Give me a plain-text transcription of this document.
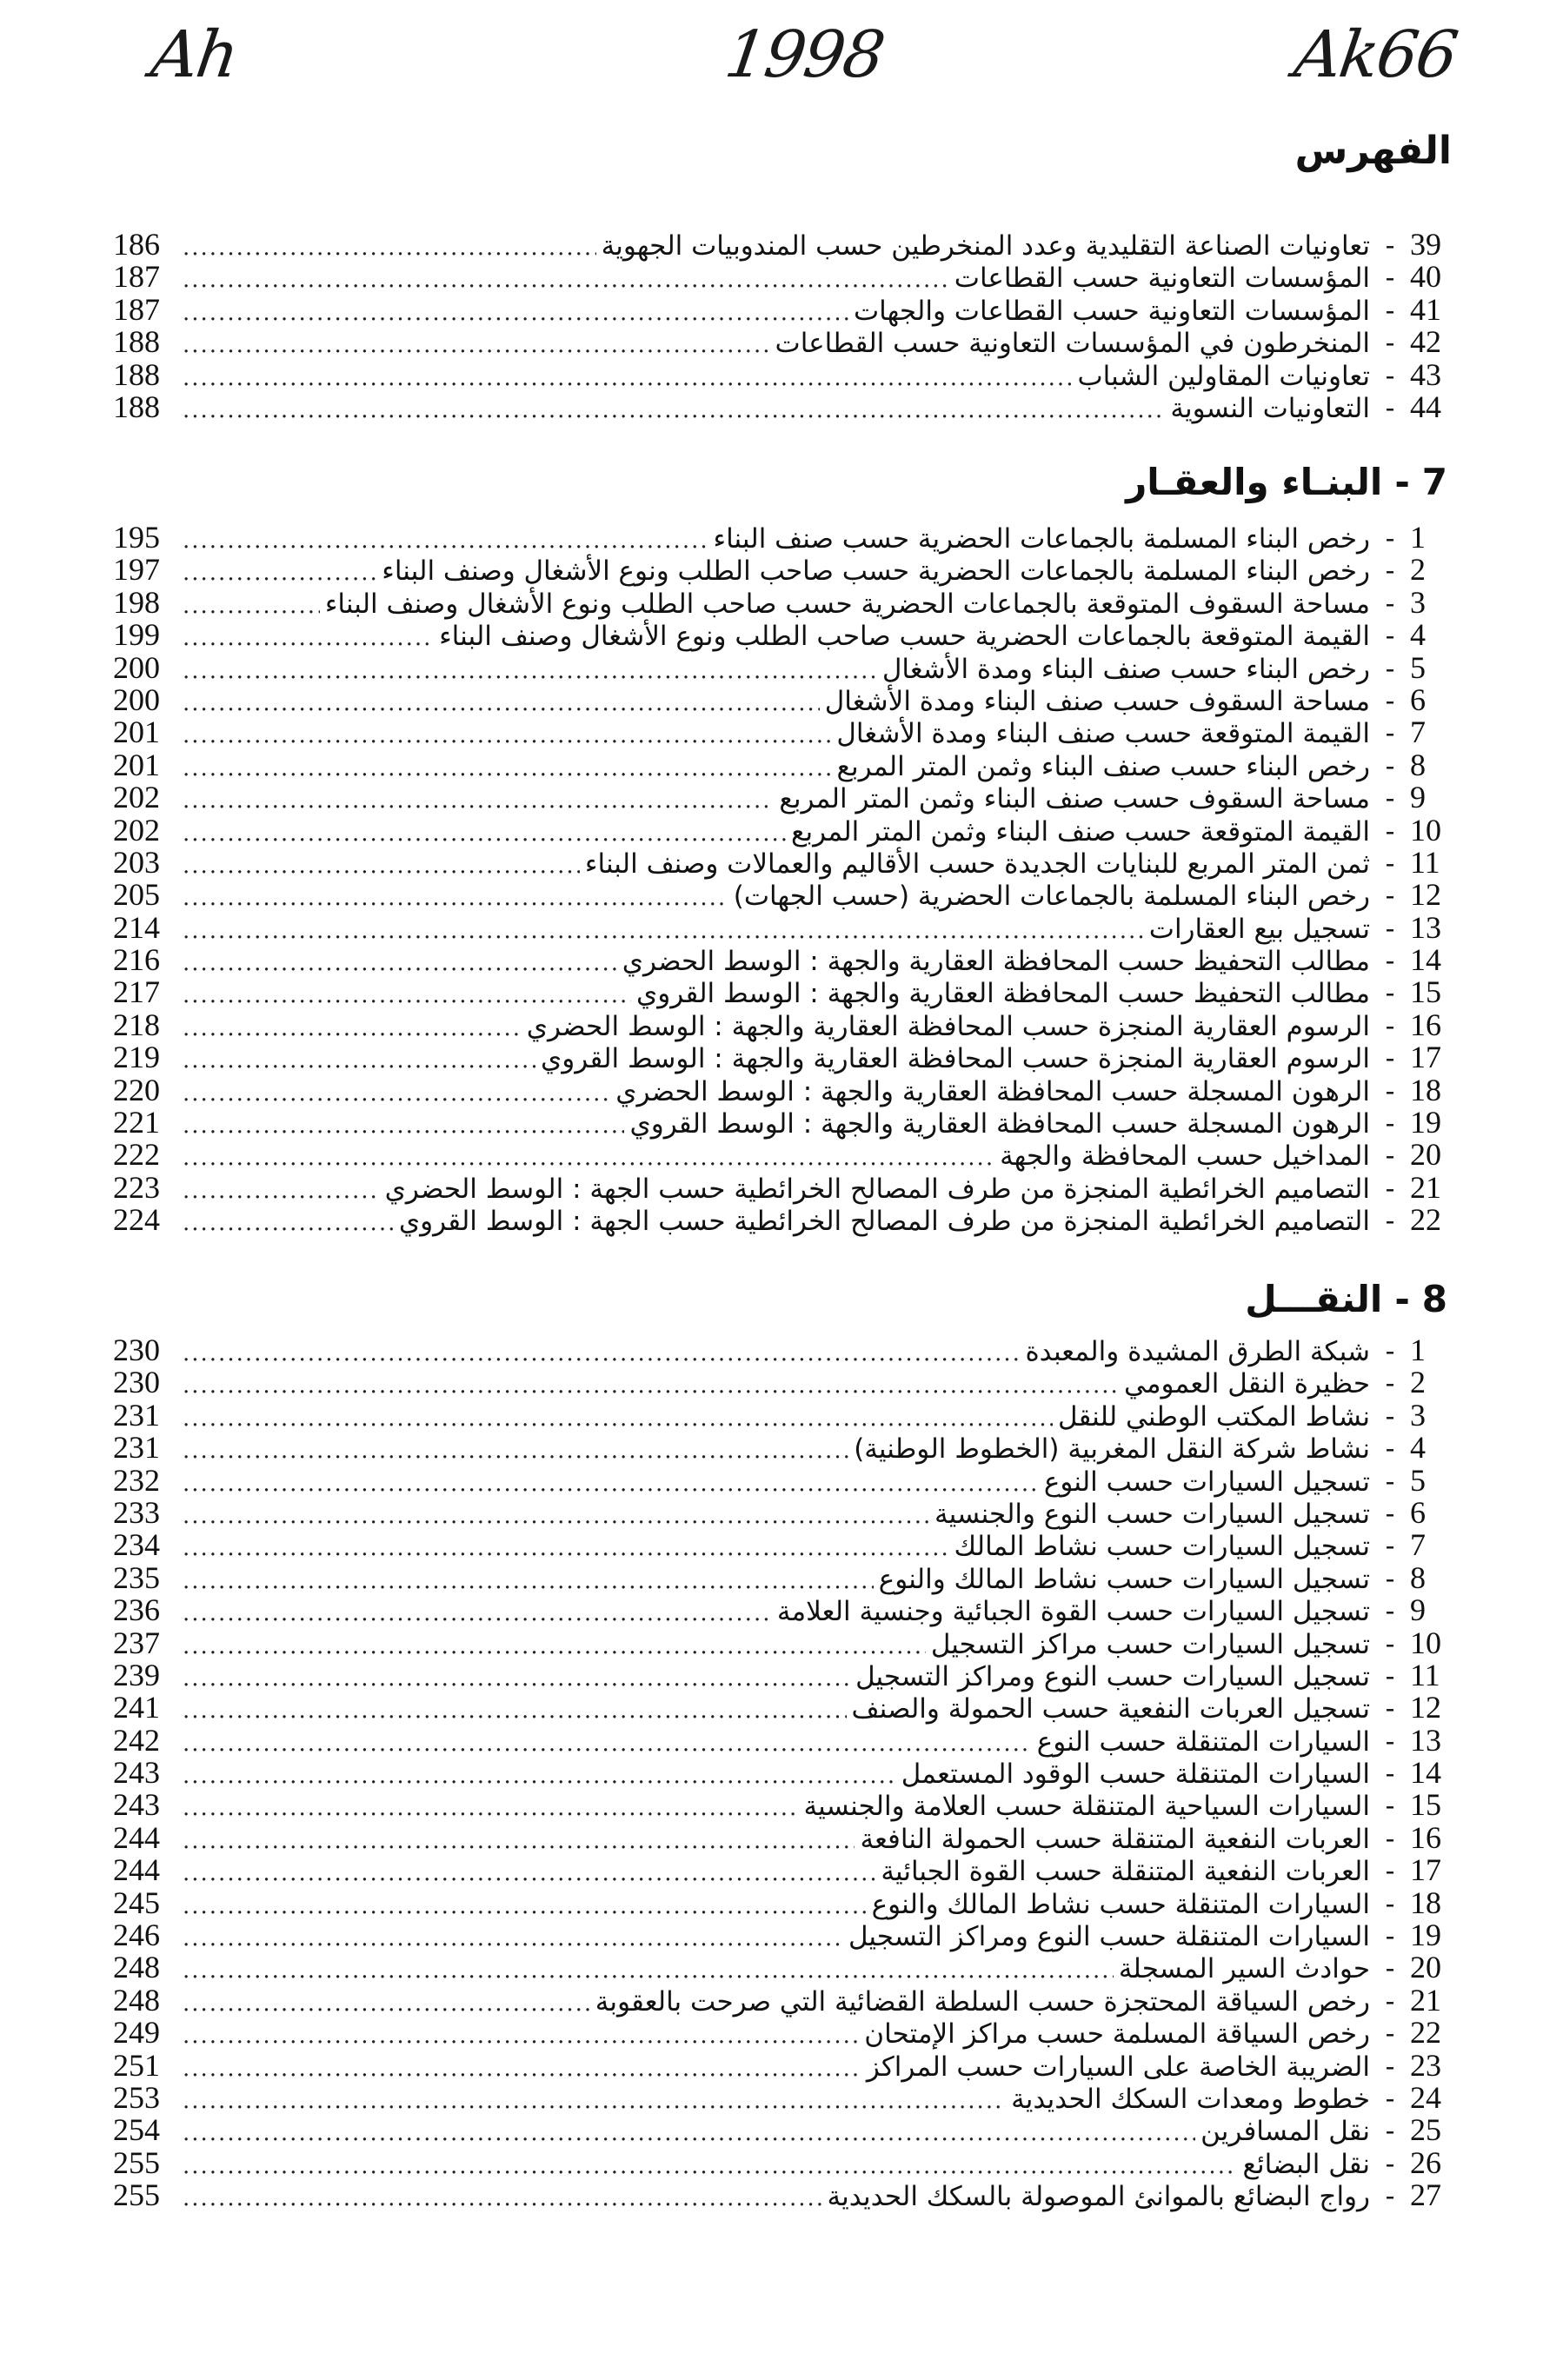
Ah	1998	Ak66
الفهرس
186 .....	تعاونيات الصناعة التقليدية وعدد المنخرطين حسب المندوبيات الجهوية - 39
187 .....	المؤسسات التعاونية حسب القطاعات - 40
187 .....	المؤسسات التعاونية حسب القطاعات والجهات - 41
188 .....	المنخرطون في المؤسسات التعاونية حسب القطاعات - 42
188 .....	تعاونيات المقاولين الشباب - 43
188 .....	التعاونيات النسوية - 44
7
-
البنـاء والعقـار
195 .....	رخص البناء المسلمة بالجماعات الحضرية حسب صنف البناء - 1
197 .....	رخص البناء المسلمة بالجماعات الحضرية حسب صاحب الطلب ونوع الأشغال وصنف البناء - 2
198 .....	مساحة السقوف المتوقعة بالجماعات الحضرية حسب صاحب الطلب ونوع الأشغال وصنف البناء - 3
199 .....	القيمة المتوقعة بالجماعات الحضرية حسب صاحب الطلب ونوع الأشغال وصنف البناء - 4
200 .....	رخص البناء حسب صنف البناء ومدة الأشغال - 5
200 .....	مساحة السقوف حسب صنف البناء ومدة الأشغال - 6
201 .....	القيمة المتوقعة حسب صنف البناء ومدة الأشغال - 7
201 .....	رخص البناء حسب صنف البناء وثمن المتر المربع - 8
202 .....	مساحة السقوف حسب صنف البناء وثمن المتر المربع - 9
202 .....	القيمة المتوقعة حسب صنف البناء وثمن المتر المربع - 10
203 .....	ثمن المتر المربع للبنايات الجديدة حسب الأقاليم والعمالات وصنف البناء - 11
205 .....	رخص البناء المسلمة بالجماعات الحضرية (حسب الجهات) - 12
214 .....	تسجيل بيع العقارات - 13
216 .....	مطالب التحفيظ حسب المحافظة العقارية والجهة : الوسط الحضري - 14
217 .....	مطالب التحفيظ حسب المحافظة العقارية والجهة : الوسط القروي - 15
218 .....	الرسوم العقارية المنجزة حسب المحافظة العقارية والجهة : الوسط الحضري - 16
219 .....	الرسوم العقارية المنجزة حسب المحافظة العقارية والجهة : الوسط القروي - 17
220 .....	الرهون المسجلة حسب المحافظة العقارية والجهة : الوسط الحضري - 18
221 .....	الرهون المسجلة حسب المحافظة العقارية والجهة : الوسط القروي - 19
222 .....	المداخيل حسب المحافظة والجهة - 20
223 .....	التصاميم الخرائطية المنجزة من طرف المصالح الخرائطية حسب الجهة : الوسط الحضري - 21
224 .....	التصاميم الخرائطية المنجزة من طرف المصالح الخرائطية حسب الجهة : الوسط القروي - 22
8
-
النقـــل
230 .....	شبكة الطرق المشيدة والمعبدة - 1
230 .....	حظيرة النقل العمومي - 2
231 .....	نشاط المكتب الوطني للنقل - 3
231 .....	نشاط شركة النقل المغربية (الخطوط الوطنية) - 4
232 .....	تسجيل السيارات حسب النوع - 5
233 .....	تسجيل السيارات حسب النوع والجنسية - 6
234 .....	تسجيل السيارات حسب نشاط المالك - 7
235 .....	تسجيل السيارات حسب نشاط المالك والنوع - 8
236 .....	تسجيل السيارات حسب القوة الجبائية وجنسية العلامة - 9
237 .....	تسجيل السيارات حسب مراكز التسجيل - 10
239 .....	تسجيل السيارات حسب النوع ومراكز التسجيل - 11
241 .....	تسجيل العربات النفعية حسب الحمولة والصنف - 12
242 .....	السيارات المتنقلة حسب النوع - 13
243 .....	السيارات المتنقلة حسب الوقود المستعمل - 14
243 .....	السيارات السياحية المتنقلة حسب العلامة والجنسية - 15
244 .....	العربات النفعية المتنقلة حسب الحمولة النافعة - 16
244 .....	العربات النفعية المتنقلة حسب القوة الجبائية - 17
245 .....	السيارات المتنقلة حسب نشاط المالك والنوع - 18
246 .....	السيارات المتنقلة حسب النوع ومراكز التسجيل - 19
248 .....	حوادث السير المسجلة - 20
248 .....	رخص السياقة المحتجزة حسب السلطة القضائية التي صرحت بالعقوبة - 21
249 .....	رخص السياقة المسلمة حسب مراكز الإمتحان - 22
251 .....	الضريبة الخاصة على السيارات حسب المراكز - 23
253 .....	خطوط ومعدات السكك الحديدية - 24
254 .....	نقل المسافرين - 25
255 .....	نقل البضائع - 26
255 .....	رواج البضائع بالموانئ الموصولة بالسكك الحديدية - 27
